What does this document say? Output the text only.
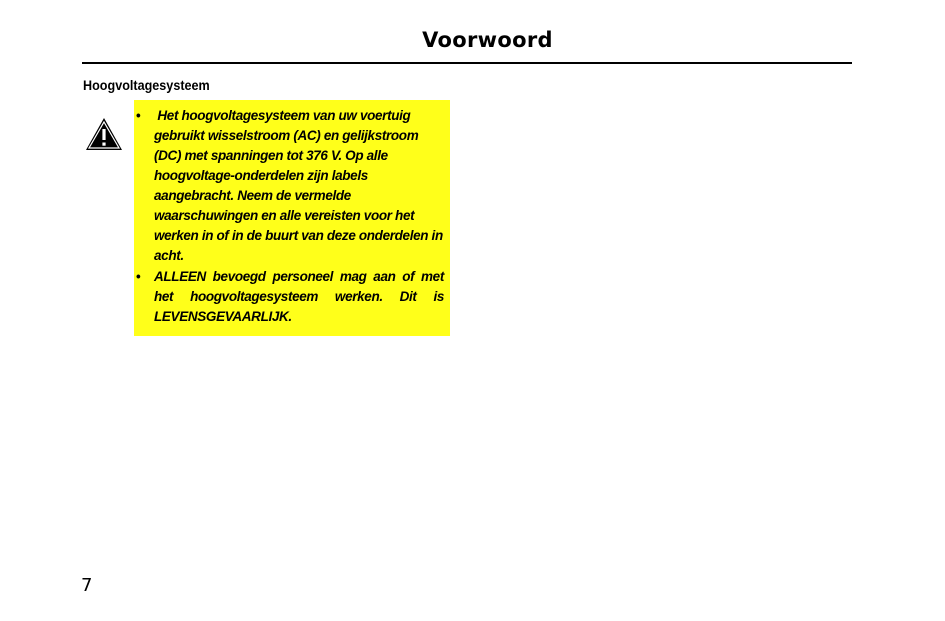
Voorwoord
Hoogvoltagesysteem
• Het hoogvoltagesysteem van uw voertuig gebruikt wisselstroom (AC) en gelijkstroom (DC) met spanningen tot 376 V. Op alle hoogvoltage-onderdelen zijn labels aangebracht. Neem de vermelde waarschuwingen en alle vereisten voor het werken in of in de buurt van deze onderdelen in acht.
• ALLEEN bevoegd personeel mag aan of met het hoogvoltagesysteem werken. Dit is LEVENSGEVAARLIJK.
7
